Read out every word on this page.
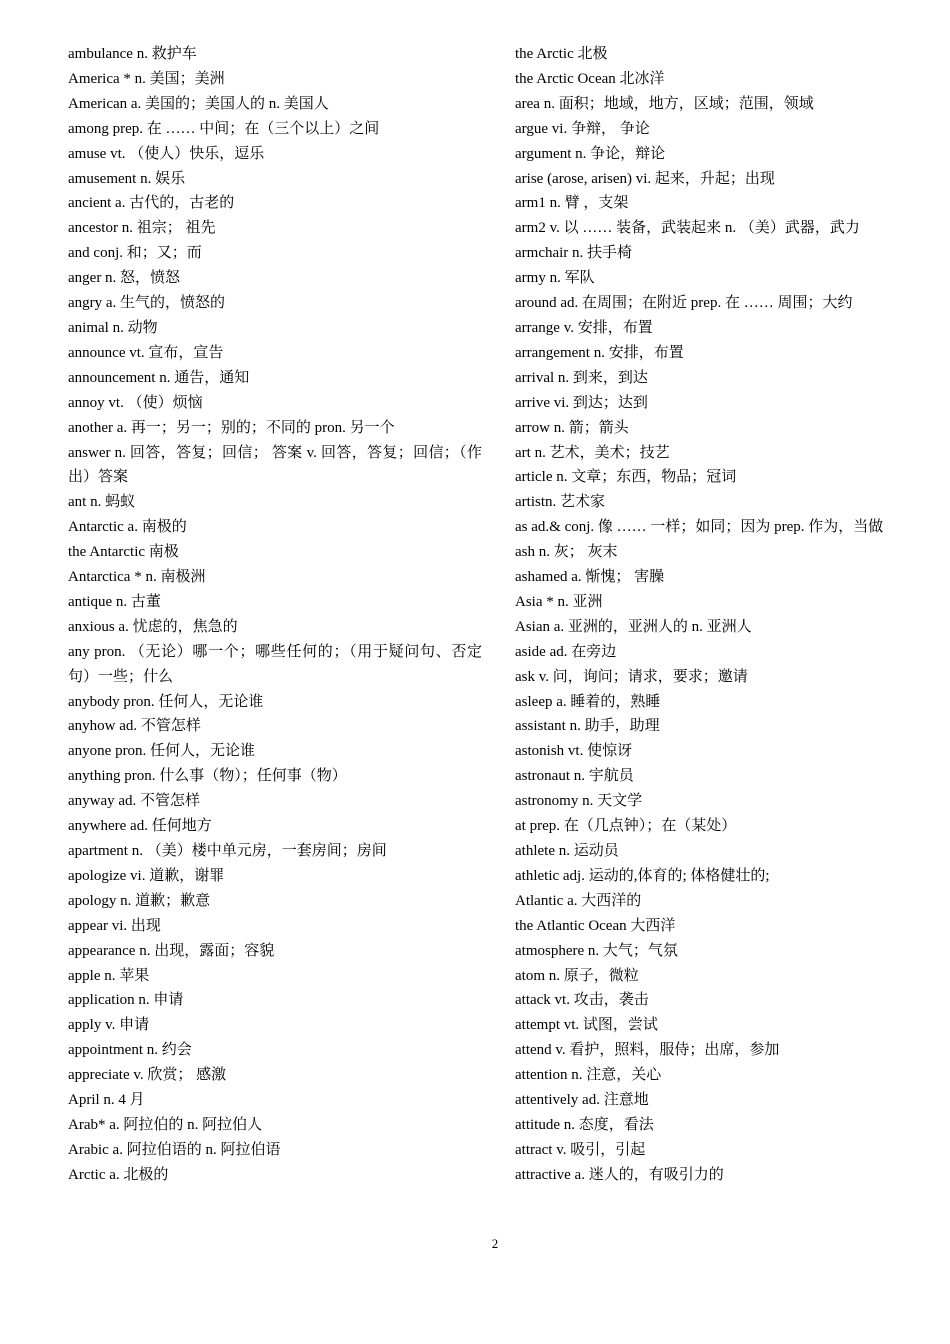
ambulance n. 救护车

America * n. 美国；美洲

American a. 美国的；美国人的 n. 美国人

among prep. 在 …… 中间；在（三个以上）之间

amuse vt. （使人）快乐，逗乐

amusement n. 娱乐

ancient a. 古代的，古老的

ancestor n. 祖宗； 祖先

and conj. 和；又；而

anger n. 怒，愤怒

angry a. 生气的，愤怒的

animal n. 动物

announce vt. 宣布，宣告

announcement n. 通告，通知

annoy vt. （使）烦恼

another a. 再一；另一；别的；不同的 pron. 另一个

answer n. 回答，答复；回信； 答案 v. 回答，答复；回信；（作出）答案

ant n. 蚂蚁

Antarctic a. 南极的

the Antarctic 南极

Antarctica * n. 南极洲

antique n. 古董

anxious a. 忧虑的，焦急的

any pron. （无论）哪一个；哪些任何的；（用于疑问句、否定句）一些；什么

anybody pron. 任何人，无论谁

anyhow ad. 不管怎样

anyone pron. 任何人，无论谁

anything pron. 什么事（物）；任何事（物）

anyway ad. 不管怎样

anywhere ad. 任何地方

apartment n. （美）楼中单元房，一套房间；房间

apologize vi. 道歉，谢罪

apology n. 道歉；歉意

appear vi. 出现

appearance n. 出现，露面；容貌

apple n. 苹果

application n. 申请

apply v. 申请

appointment n. 约会

appreciate v. 欣赏； 感激

April n. 4 月

Arab* a. 阿拉伯的 n. 阿拉伯人

Arabic a. 阿拉伯语的 n. 阿拉伯语

Arctic a. 北极的

the Arctic 北极

the Arctic Ocean 北冰洋

area n. 面积；地域，地方，区域；范围，领域

argue vi. 争辩， 争论

argument n. 争论，辩论

arise (arose, arisen) vi. 起来，升起；出现

arm1 n. 臂 ，支架

arm2 v. 以 …… 装备，武装起来 n. （美）武器，武力

armchair n. 扶手椅

army n. 军队

around ad. 在周围；在附近 prep. 在 …… 周围；大约

arrange v. 安排，布置

arrangement n. 安排，布置

arrival n. 到来，到达

arrive vi. 到达；达到

arrow n. 箭；箭头

art n. 艺术，美术；技艺

article n. 文章；东西，物品；冠词

artistn. 艺术家

as ad.& conj. 像 …… 一样；如同；因为 prep. 作为，当做

ash n. 灰； 灰末

ashamed a. 惭愧； 害臊

Asia * n. 亚洲

Asian a. 亚洲的，亚洲人的 n. 亚洲人

aside ad. 在旁边

ask v. 问，询问；请求，要求；邀请

asleep a. 睡着的，熟睡

assistant n. 助手，助理

astonish vt. 使惊讶

astronaut n. 宇航员

astronomy n. 天文学

at prep. 在（几点钟）；在（某处）

athlete n. 运动员

athletic adj. 运动的,体育的; 体格健壮的;

Atlantic a. 大西洋的

the Atlantic Ocean 大西洋

atmosphere n. 大气；气氛

atom n. 原子，微粒

attack vt. 攻击，袭击

attempt vt. 试图，尝试

attend v. 看护，照料，服侍；出席，参加

attention n. 注意，关心

attentively ad. 注意地

attitude n. 态度，看法

attract v. 吸引，引起

attractive a. 迷人的，有吸引力的

2
